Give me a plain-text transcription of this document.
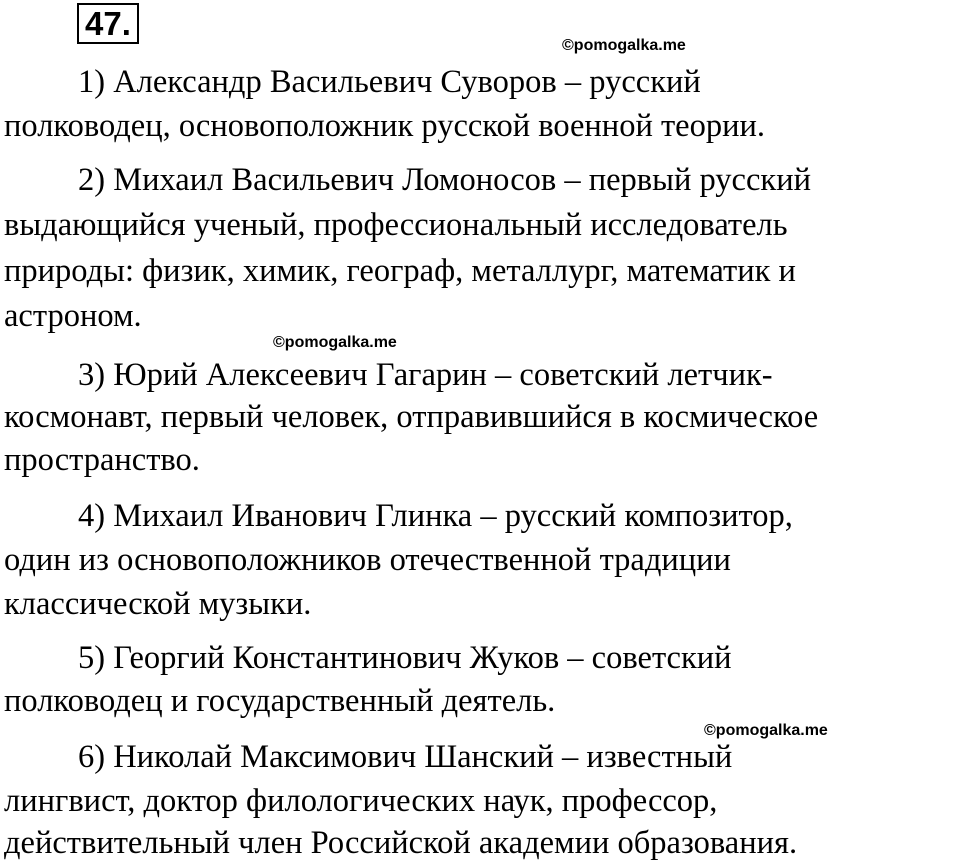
47.
©pomogalka.me
©pomogalka.me
©pomogalka.me
1) Александр Васильевич Суворов – русский
полководец, основоположник русской военной теории.
2) Михаил Васильевич Ломоносов – первый русский
выдающийся ученый, профессиональный исследователь
природы: физик, химик, географ, металлург, математик и
астроном.
3) Юрий Алексеевич Гагарин – советский летчик-
космонавт, первый человек, отправившийся в космическое
пространство.
4) Михаил Иванович Глинка – русский композитор,
один из основоположников отечественной традиции
классической музыки.
5) Георгий Константинович Жуков – советский
полководец и государственный деятель.
6) Николай Максимович Шанский – известный
лингвист, доктор филологических наук, профессор,
действительный член Российской академии образования.
